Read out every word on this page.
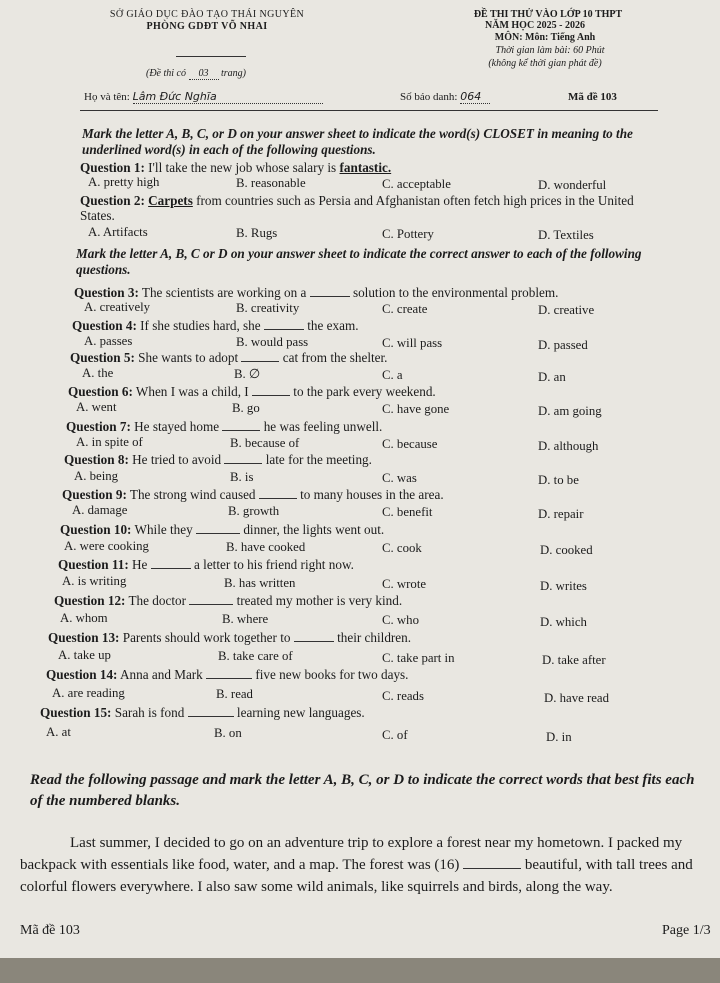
SỞ GIÁO DỤC ĐÀO TẠO THÁI NGUYÊN
PHÒNG GDĐT VÕ NHAI
(Đề thi có 03 trang)
ĐỀ THI THỬ VÀO LỚP 10 THPT
NĂM HỌC 2025 - 2026
MÔN: Môn: Tiếng Anh
Thời gian làm bài: 60 Phút
(không kể thời gian phát đề)
Họ và tên: Lâm Đức Nghĩa	Số báo danh: 064	Mã đề 103
Mark the letter A, B, C, or D on your answer sheet to indicate the word(s) CLOSET in meaning to the underlined word(s) in each of the following questions.
Question 1: I'll take the new job whose salary is fantastic.
A. pretty high	B. reasonable	C. acceptable	D. wonderful
Question 2: Carpets from countries such as Persia and Afghanistan often fetch high prices in the United
States.
A. Artifacts	B. Rugs	C. Pottery	D. Textiles
Mark the letter A, B, C or D on your answer sheet to indicate the correct answer to each of the following questions.
Question 3: The scientists are working on a	solution to the environmental problem.
A. creatively	B. creativity	C. create	D. creative
Question 4: If she studies hard, she	the exam.
A. passes	B. would pass	C. will pass	D. passed
Question 5: She wants to adopt	cat from the shelter.
A. the	B. ∅	C. a	D. an
Question 6: When I was a child, I	to the park every weekend.
A. went	B. go	C. have gone	D. am going
Question 7: He stayed home	he was feeling unwell.
A. in spite of	B. because of	C. because	D. although
Question 8: He tried to avoid	late for the meeting.
A. being	B. is	C. was	D. to be
Question 9: The strong wind caused	to many houses in the area.
A. damage	B. growth	C. benefit	D. repair
Question 10: While they	dinner, the lights went out.
A. were cooking	B. have cooked	C. cook	D. cooked
Question 11: He	a letter to his friend right now.
A. is writing	B. has written	C. wrote	D. writes
Question 12: The doctor	treated my mother is very kind.
A. whom	B. where	C. who	D. which
Question 13: Parents should work together to	their children.
A. take up	B. take care of	C. take part in	D. take after
Question 14: Anna and Mark	five new books for two days.
A. are reading	B. read	C. reads	D. have read
Question 15: Sarah is fond	learning new languages.
A. at	B. on	C. of	D. in
Read the following passage and mark the letter A, B, C, or D to indicate the correct words that best fits each of the numbered blanks.
Last summer, I decided to go on an adventure trip to explore a forest near my hometown. I packed my backpack with essentials like food, water, and a map. The forest was (16)	beautiful, with tall trees and colorful flowers everywhere. I also saw some wild animals, like squirrels and birds, along the way.
Mã đề 103	Page 1/3
